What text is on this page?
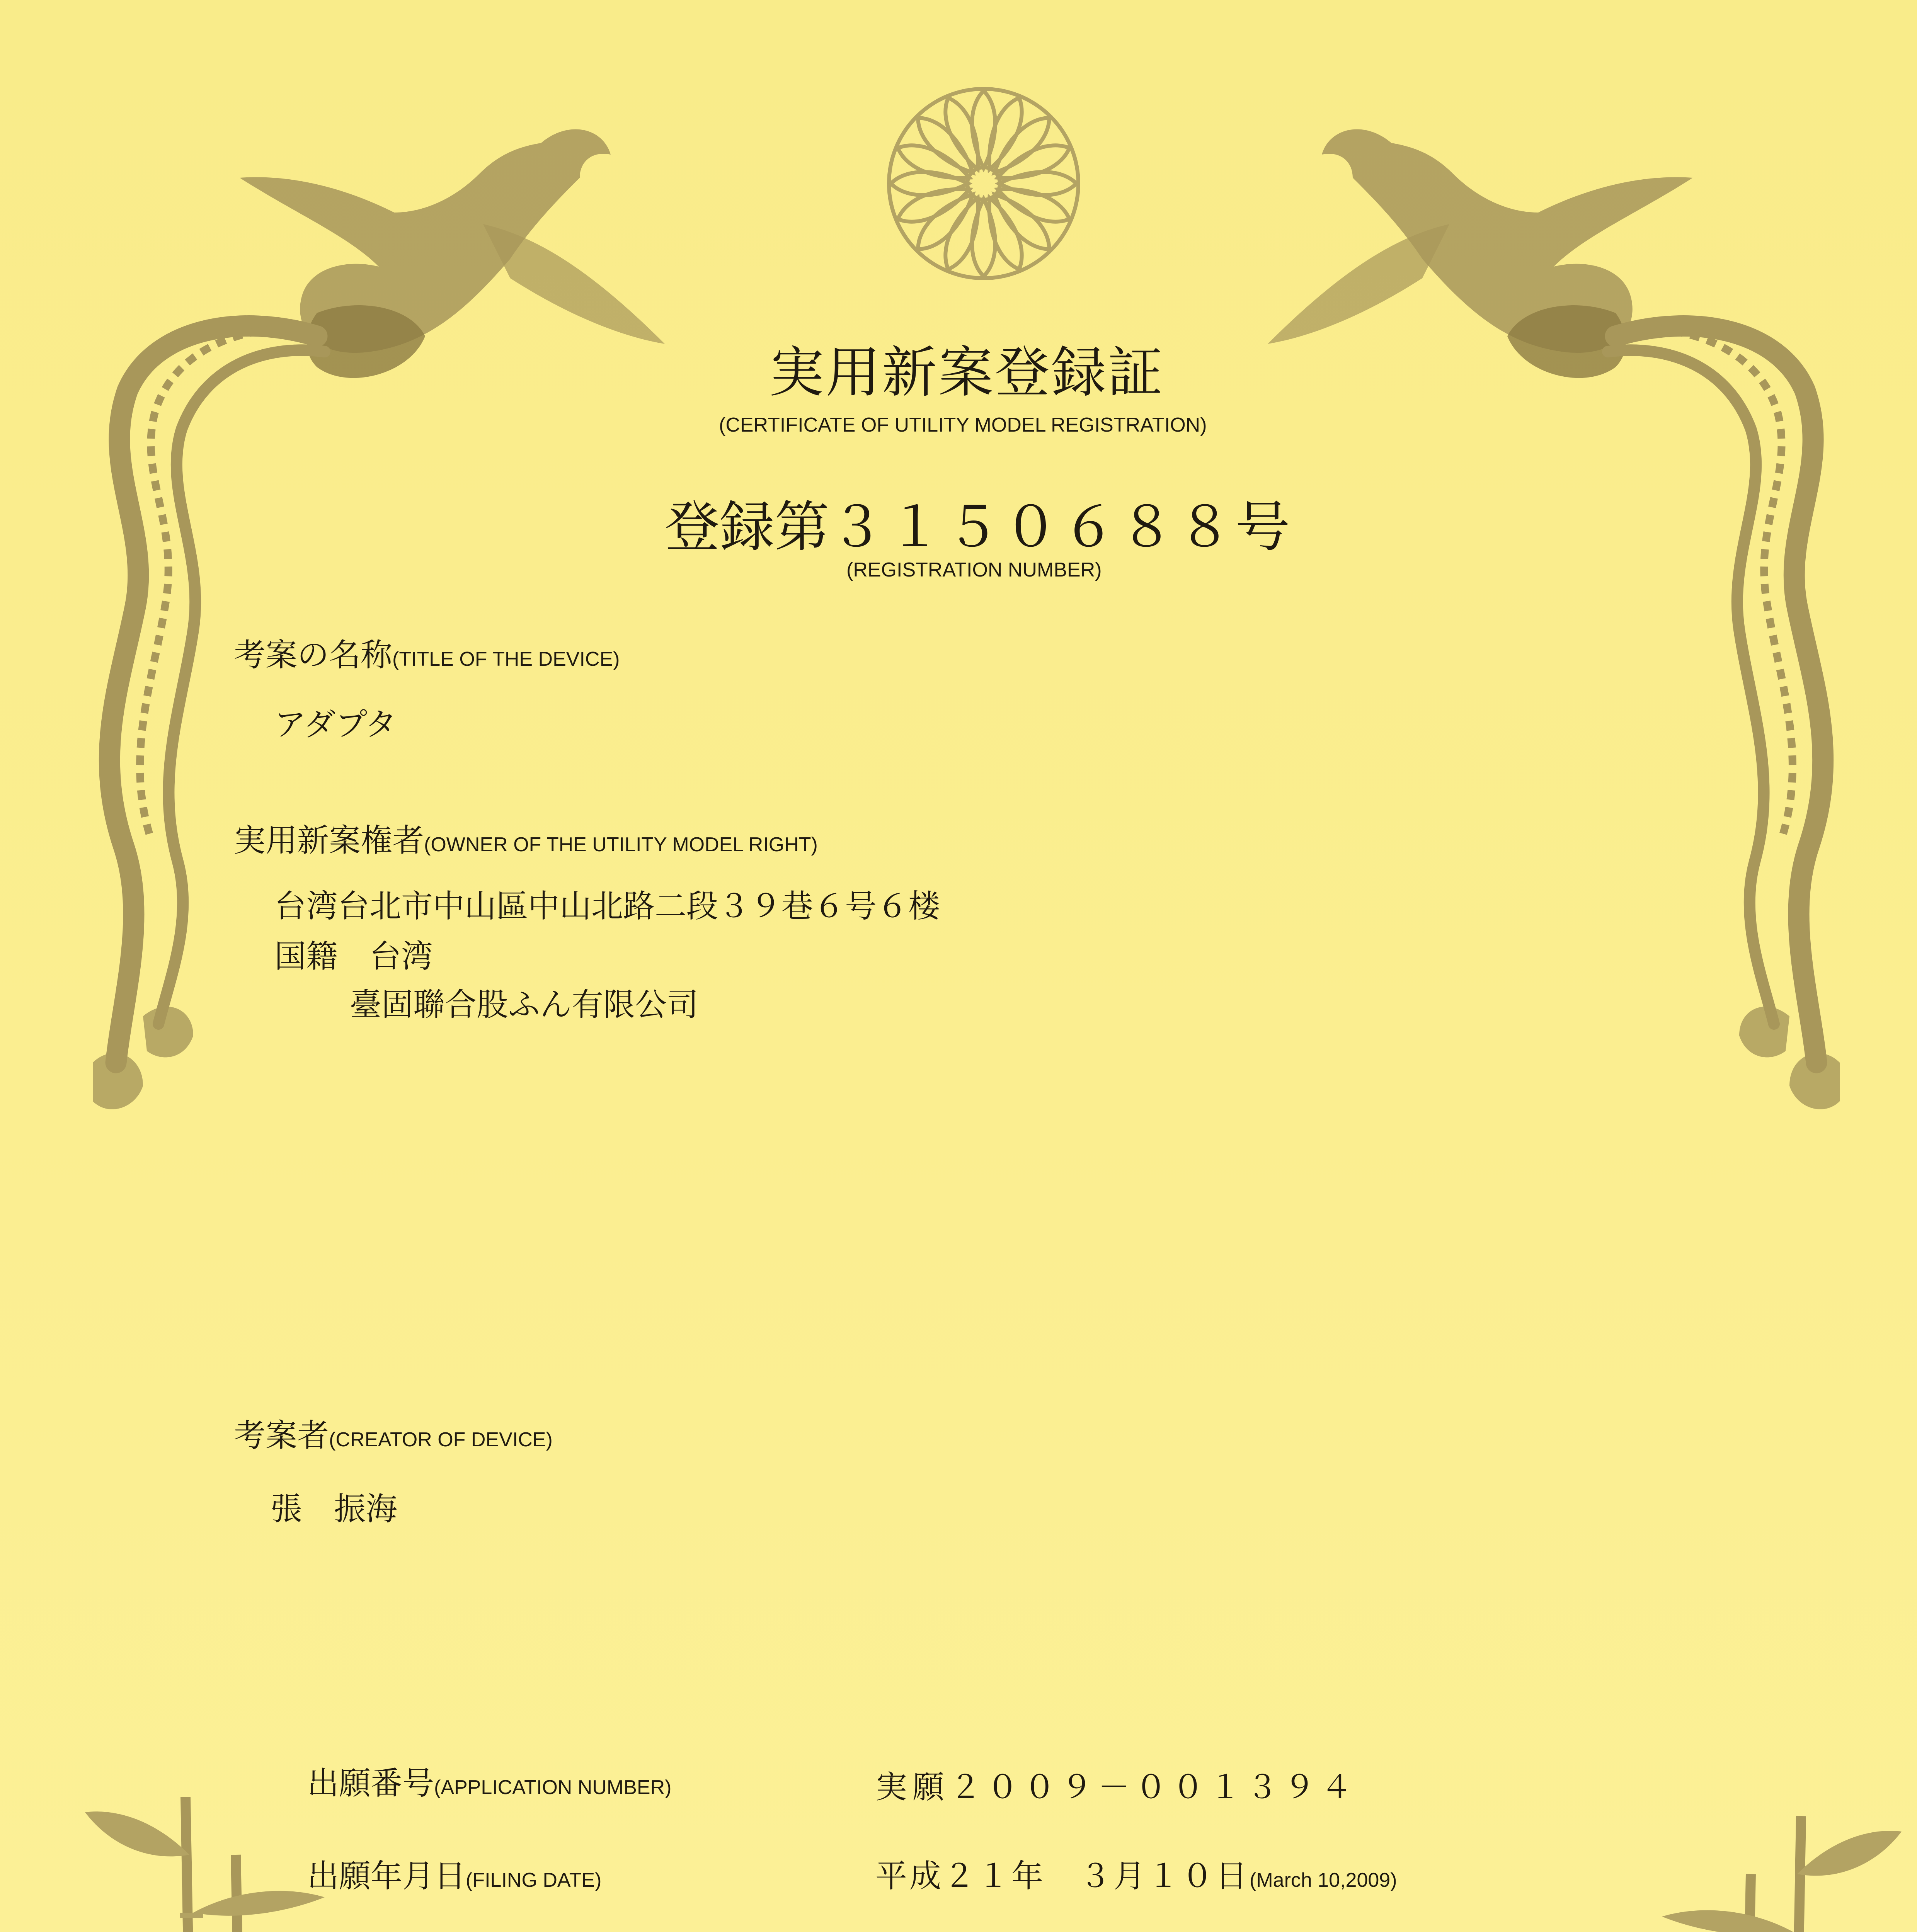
実用新案登録証
(CERTIFICATE OF UTILITY MODEL REGISTRATION)
登録第３１５０６８８号
(REGISTRATION NUMBER)
考案の名称(TITLE OF THE DEVICE)
アダプタ
実用新案権者(OWNER OF THE UTILITY MODEL RIGHT)
台湾台北市中山區中山北路二段３９巷６号６楼
国籍　台湾
臺固聯合股ふん有限公司
考案者(CREATOR OF DEVICE)
張　振海
出願番号(APPLICATION NUMBER)	実願２００９－００１３９４
出願年月日(FILING DATE)	平成２１年　３月１０日(March 10,2009)
